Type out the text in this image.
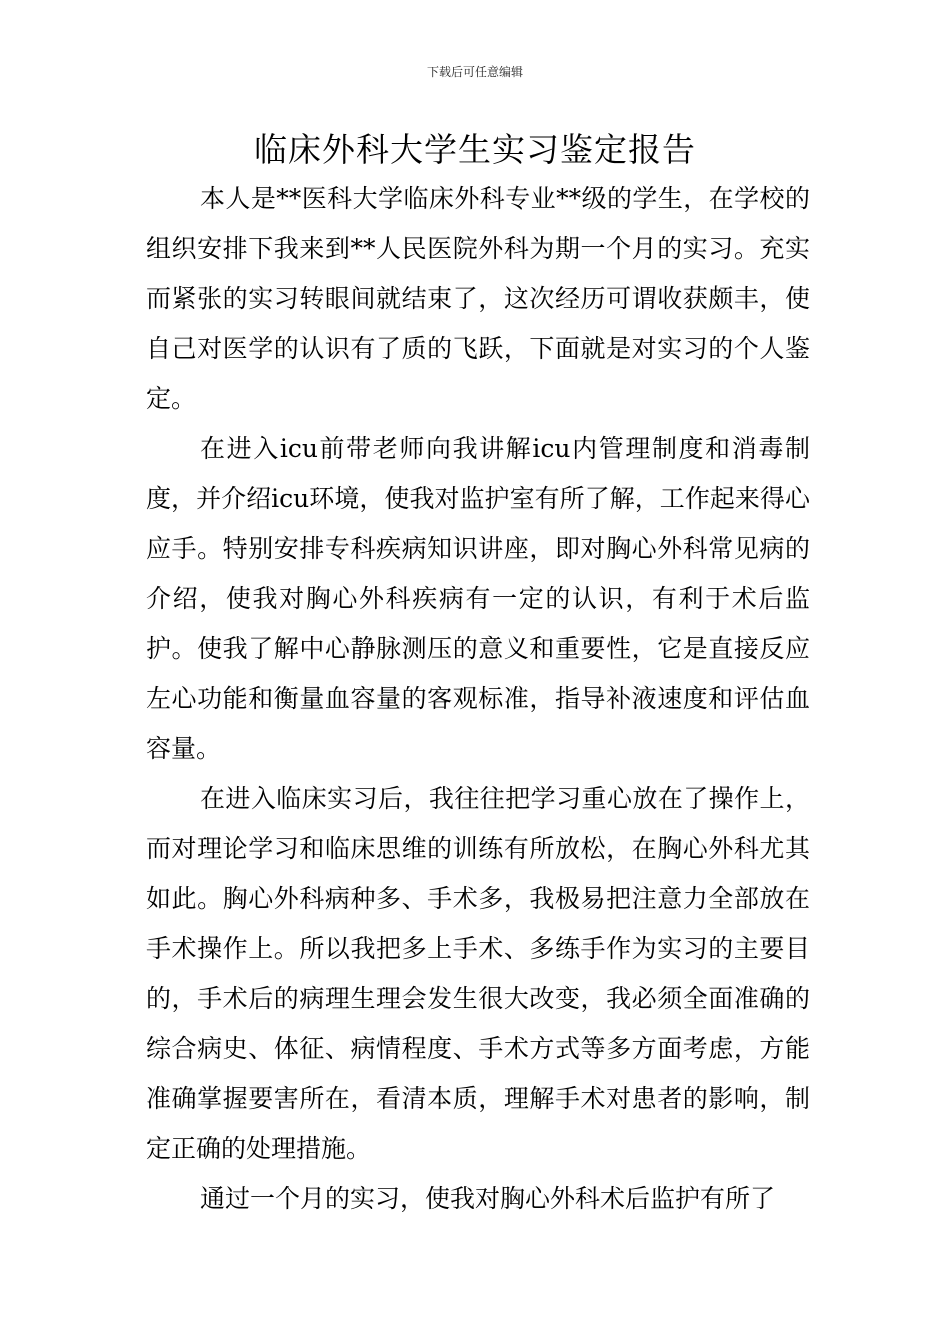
下载后可任意编辑
临床外科大学生实习鉴定报告

本人是**医科大学临床外科专业**级的学生，在学校的组织安排下我来到**人民医院外科为期一个月的实习。充实而紧张的实习转眼间就结束了，这次经历可谓收获颇丰，使自己对医学的认识有了质的飞跃，下面就是对实习的个人鉴定。

在进入icu前带老师向我讲解icu内管理制度和消毒制度，并介绍icu环境，使我对监护室有所了解，工作起来得心应手。特别安排专科疾病知识讲座，即对胸心外科常见病的介绍，使我对胸心外科疾病有一定的认识，有利于术后监护。使我了解中心静脉测压的意义和重要性，它是直接反应左心功能和衡量血容量的客观标准，指导补液速度和评估血容量。

在进入临床实习后，我往往把学习重心放在了操作上，而对理论学习和临床思维的训练有所放松，在胸心外科尤其如此。胸心外科病种多、手术多，我极易把注意力全部放在手术操作上。所以我把多上手术、多练手作为实习的主要目的，手术后的病理生理会发生很大改变，我必须全面准确的综合病史、体征、病情程度、手术方式等多方面考虑，方能准确掌握要害所在，看清本质，理解手术对患者的影响，制定正确的处理措施。

通过一个月的实习，使我对胸心外科术后监护有所了
